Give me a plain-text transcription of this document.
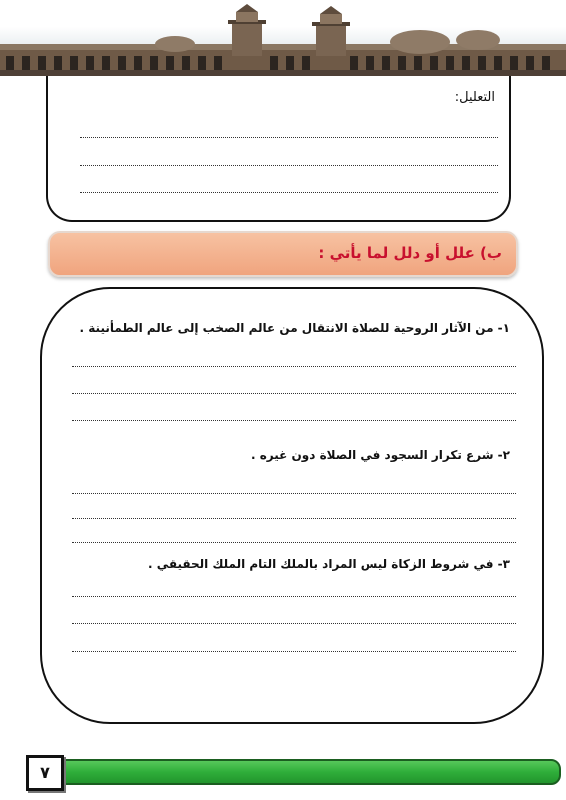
التعليل:
ب) علل أو دلل لما يأتي :
١- من الآثار الروحية للصلاة الانتقال من عالم الصخب إلى عالم الطمأنينة .
٢- شرع تكرار السجود في الصلاة دون غيره .
٣- في شروط الزكاة ليس المراد بالملك التام الملك الحقيقي .
٧
